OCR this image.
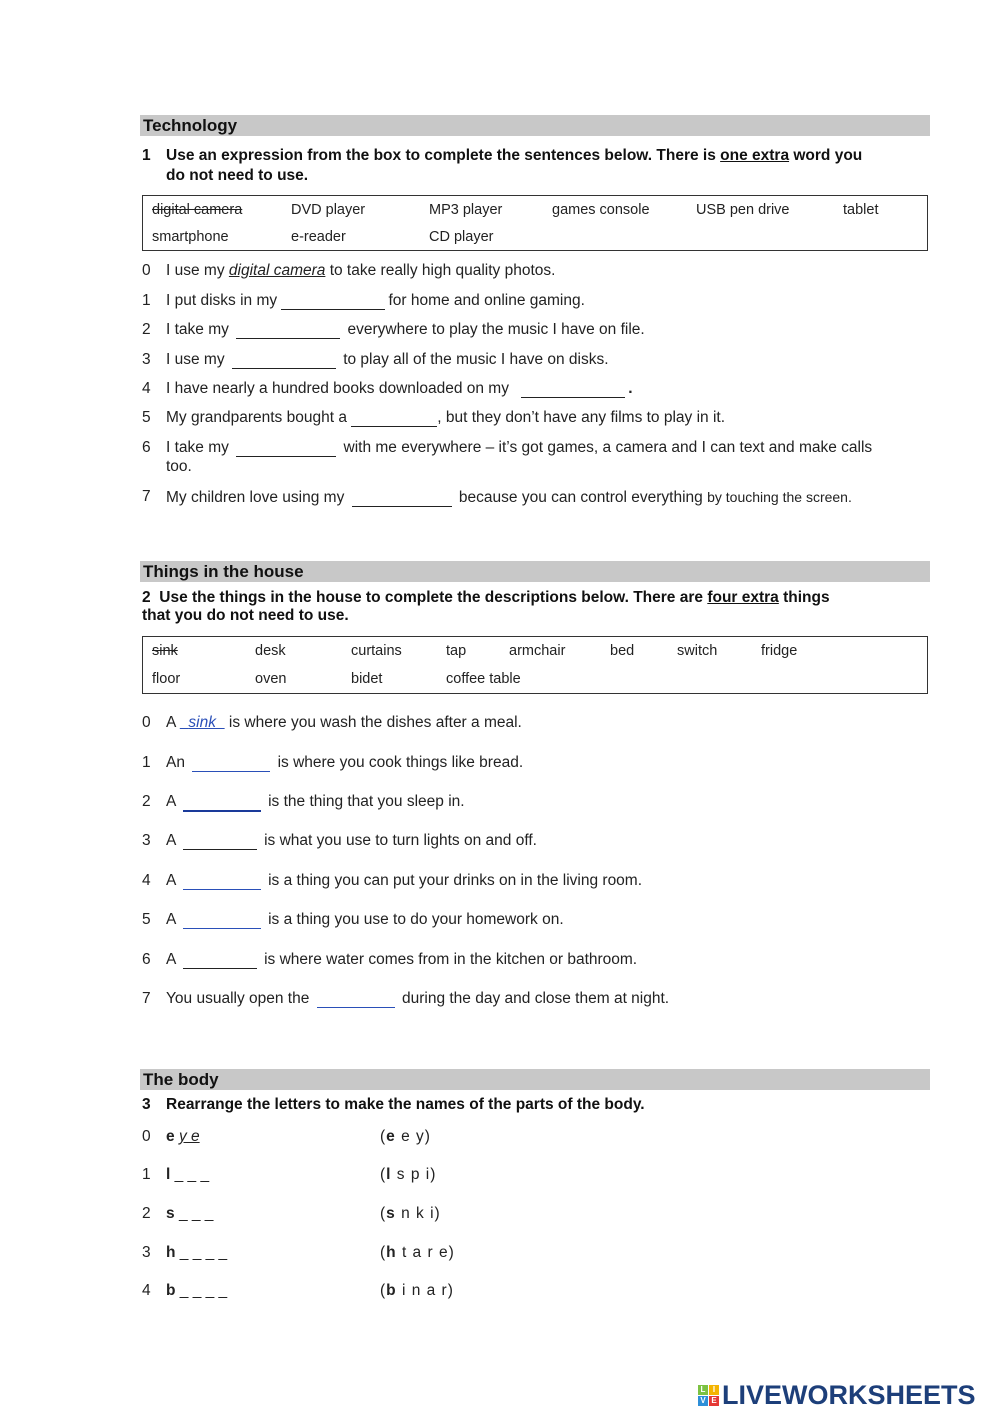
Technology
1 Use an expression from the box to complete the sentences below. There is one extra word you
do not need to use.
digital camera	DVD player	MP3 player	games console	USB pen drive	tablet
smartphone	e-reader	CD player
0 I use my digital camera to take really high quality photos.
1 I put disks in my	for home and online gaming.
2 I take my	everywhere to play the music I have on file.
3 I use my	to play all of the music I have on disks.
4 I have nearly a hundred books downloaded on my	.
5 My grandparents bought a	, but they don’t have any films to play in it.
6 I take my	with me everywhere – it’s got games, a camera and I can text and make calls
too.
7 My children love using my	because you can control everything by touching the screen.
Things in the house
2 Use the things in the house to complete the descriptions below. There are four extra things
that you do not need to use.
sink	desk	curtains	tap	armchair	bed	switch	fridge
floor	oven	bidet	coffee table
0 A   sink   is where you wash the dishes after a meal.
1 An	is where you cook things like bread.
2 A	is the thing that you sleep in.
3 A	is what you use to turn lights on and off.
4 A	is a thing you can put your drinks on in the living room.
5 A	is a thing you use to do your homework on.
6 A	is where water comes from in the kitchen or bathroom.
7 You usually open the	during the day and close them at night.
The body
3 Rearrange the letters to make the names of the parts of the body.
0 e y e	(e e y)
1 l _ _ _	(l s p i)
2 s _ _ _	(s n k i)
3 h _ _ _ _	(h t a r e)
4 b _ _ _ _	(b i n a r)
L I
V E LIVEWORKSHEETS
